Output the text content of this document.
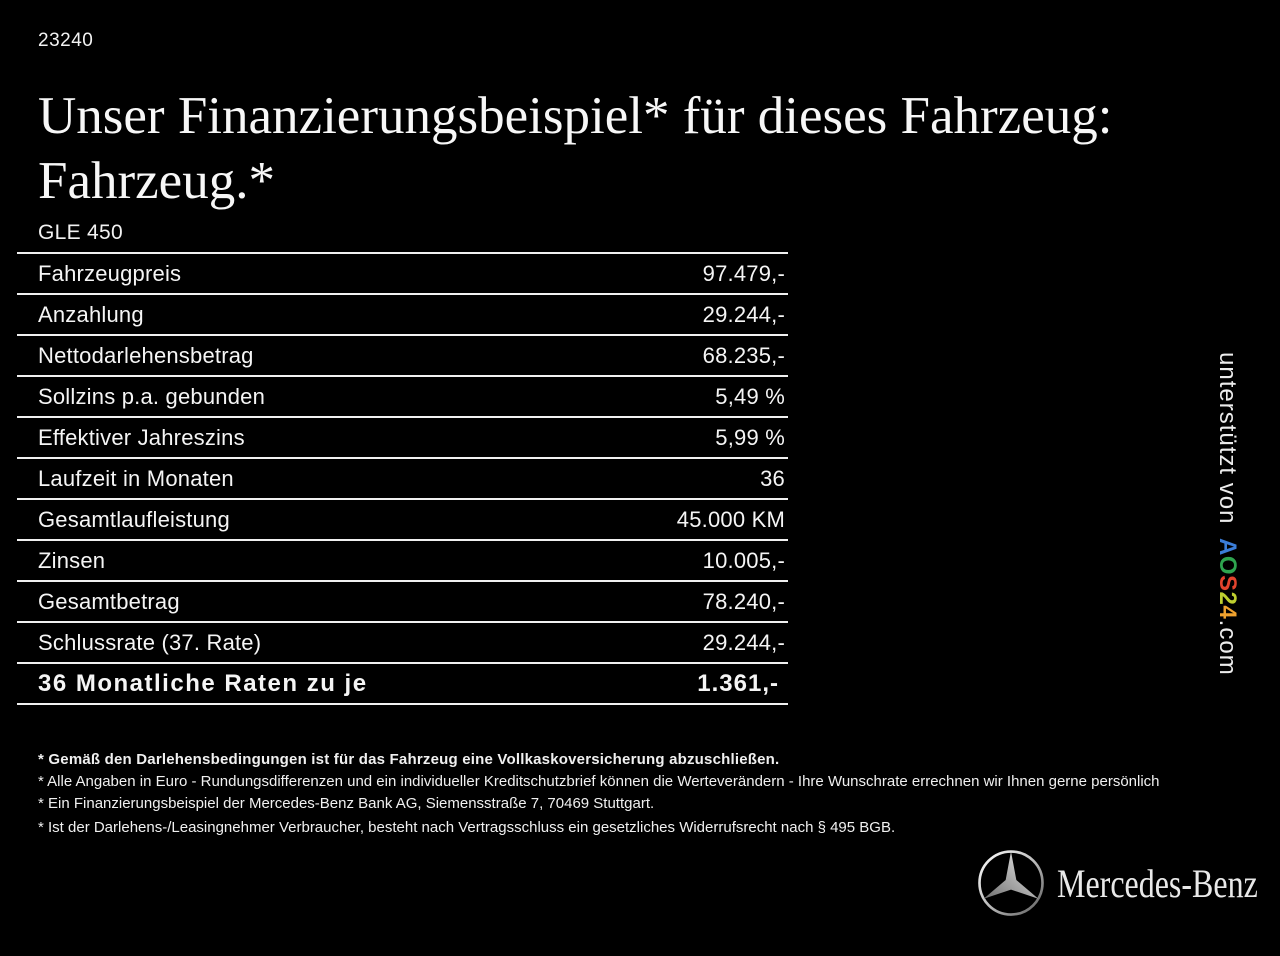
23240
Unser Finanzierungsbeispiel* für dieses Fahrzeug:
Fahrzeug.*
GLE 450
Fahrzeugpreis	97.479,-
Anzahlung	29.244,-
Nettodarlehensbetrag	68.235,-
Sollzins p.a. gebunden	5,49 %
Effektiver Jahreszins	5,99 %
Laufzeit in Monaten	36
Gesamtlaufleistung	45.000 KM
Zinsen	10.005,-
Gesamtbetrag	78.240,-
Schlussrate (37. Rate)	29.244,-
36 Monatliche Raten zu je	1.361,-
* Gemäß den Darlehensbedingungen ist für das Fahrzeug eine Vollkaskoversicherung abzuschließen.
* Alle Angaben in Euro - Rundungsdifferenzen und ein individueller Kreditschutzbrief können die Werteverändern - Ihre Wunschrate errechnen wir Ihnen gerne persönlich
* Ein Finanzierungsbeispiel der Mercedes-Benz Bank AG, Siemensstraße 7, 70469 Stuttgart.
* Ist der Darlehens-/Leasingnehmer Verbraucher, besteht nach Vertragsschluss ein gesetzliches Widerrufsrecht nach § 495 BGB.
unterstützt vonAOS24.com
Mercedes-Benz
